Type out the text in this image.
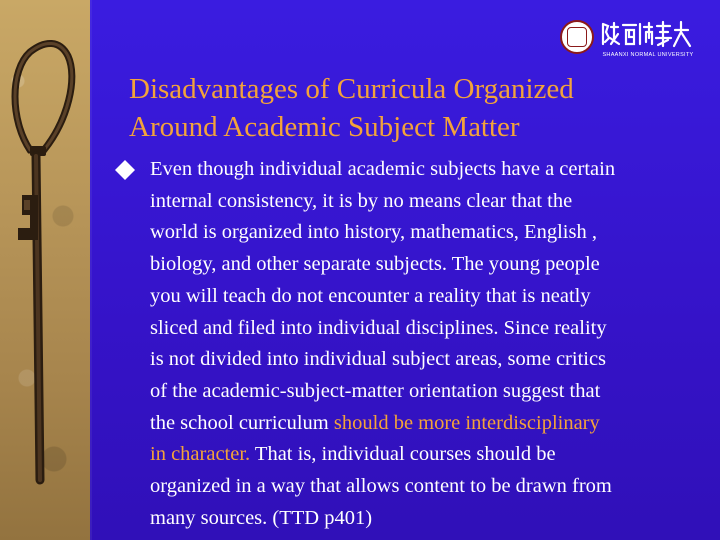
SHAANXI NORMAL UNIVERSITY
Disadvantages of Curricula Organized
Around Academic Subject Matter
Even though individual academic subjects have a certain
internal consistency, it is by no means clear that the
world is organized into history, mathematics, English ,
biology, and other separate subjects. The young people
you will teach do not encounter a reality that is neatly
sliced and filed into individual disciplines. Since reality
is not divided into individual subject areas, some critics
of the academic-subject-matter orientation suggest that
the school curriculum should be more interdisciplinary
in character. That is, individual courses should be
organized in a way that allows content to be drawn from
many sources. (TTD p401)
